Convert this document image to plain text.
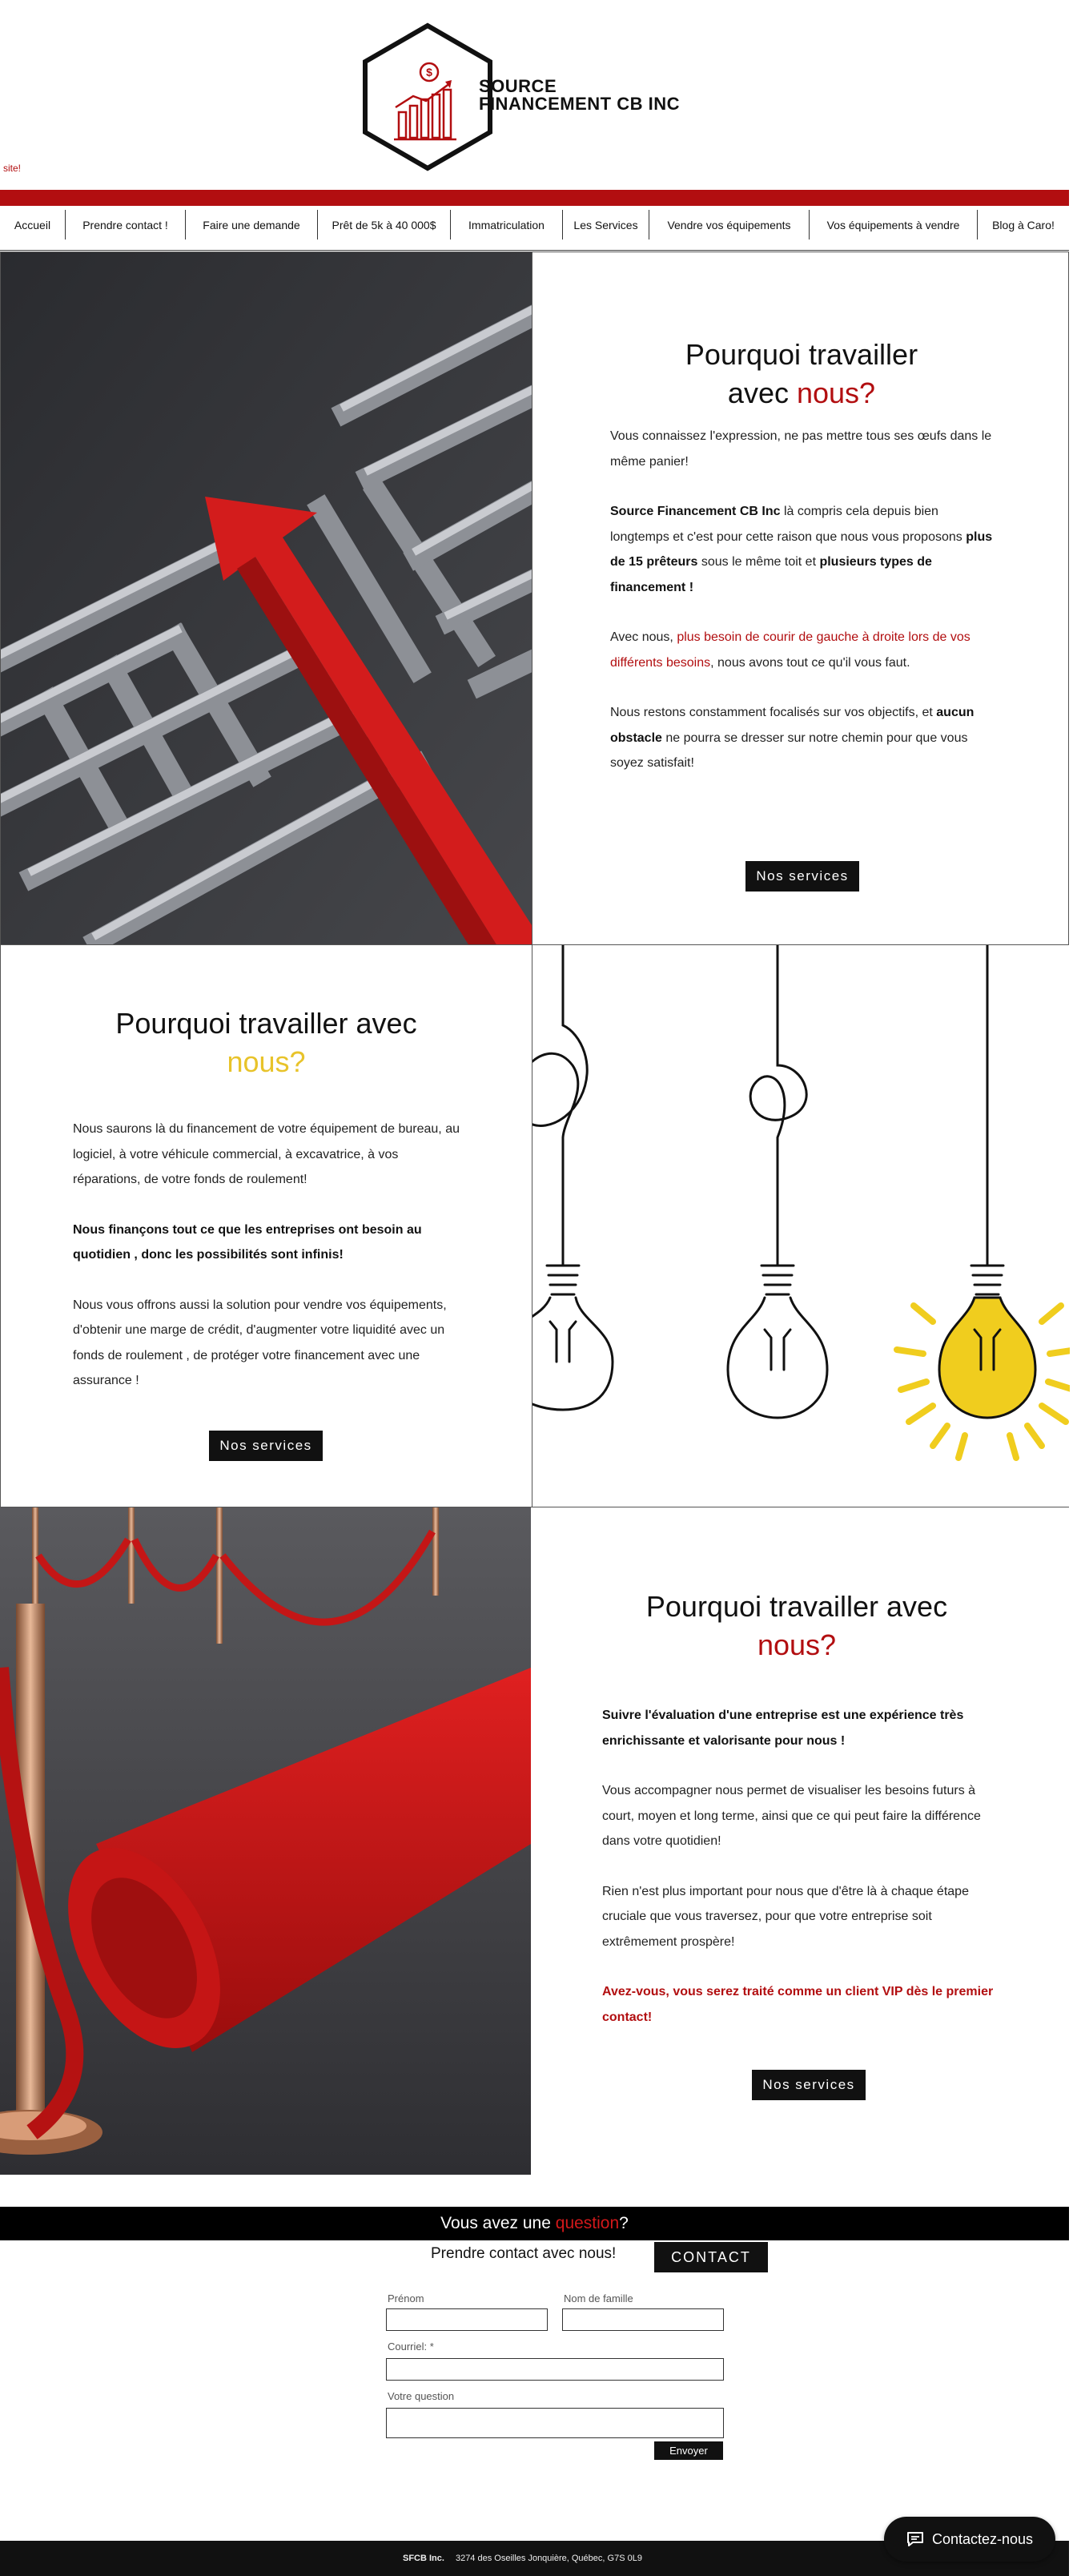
$
SOURCE
FINANCEMENT CB INC
site!
Accueil	Prendre contact !	Faire une demande	Prêt de 5k à 40 000$	Immatriculation	Les Services	Vendre vos équipements	Vos équipements à vendre	Blog à Caro!
Pourquoi travailler
avec nous?

Vous connaissez l'expression, ne pas mettre tous ses œufs dans le même panier!

Source Financement CB Inc là compris cela depuis bien longtemps et c'est pour cette raison que nous vous proposons plus de 15 prêteurs sous le même toit et plusieurs types de financement !

Avec nous, plus besoin de courir de gauche à droite lors de vos différents besoins, nous avons tout ce qu'il vous faut.

Nous restons constamment focalisés sur vos objectifs, et aucun obstacle ne pourra se dresser sur notre chemin pour que vous soyez satisfait!

Nos services
Pourquoi travailler avec
nous?

Nous saurons là du financement de votre équipement de bureau, au logiciel, à votre véhicule commercial, à excavatrice, à vos réparations, de votre fonds de roulement!

Nous finançons tout ce que les entreprises ont besoin au quotidien , donc les possibilités sont infinis!

Nous vous offrons aussi la solution pour vendre vos équipements, d'obtenir une marge de crédit, d'augmenter votre liquidité avec un fonds de roulement , de protéger votre financement avec une assurance !

Nos services
Pourquoi travailler avec
nous?

Suivre l'évaluation d'une entreprise est une expérience très enrichissante et valorisante pour nous !

Vous accompagner nous permet de visualiser les besoins futurs à court, moyen et long terme, ainsi que ce qui peut faire la différence dans votre quotidien!

Rien n'est plus important pour nous que d'être là à chaque étape cruciale que vous traversez, pour que votre entreprise soit extrêmement prospère!

Avez-vous, vous serez traité comme un client VIP dès le premier contact!

Nos services
Vous avez une
question ?
Prendre contact avec nous!	CONTACT
Prénom	Nom de famille
Courriel: *
Votre question
Envoyer
SFCB Inc. 3274 des Oseilles Jonquière, Québec, G7S 0L9
Contactez-nous
